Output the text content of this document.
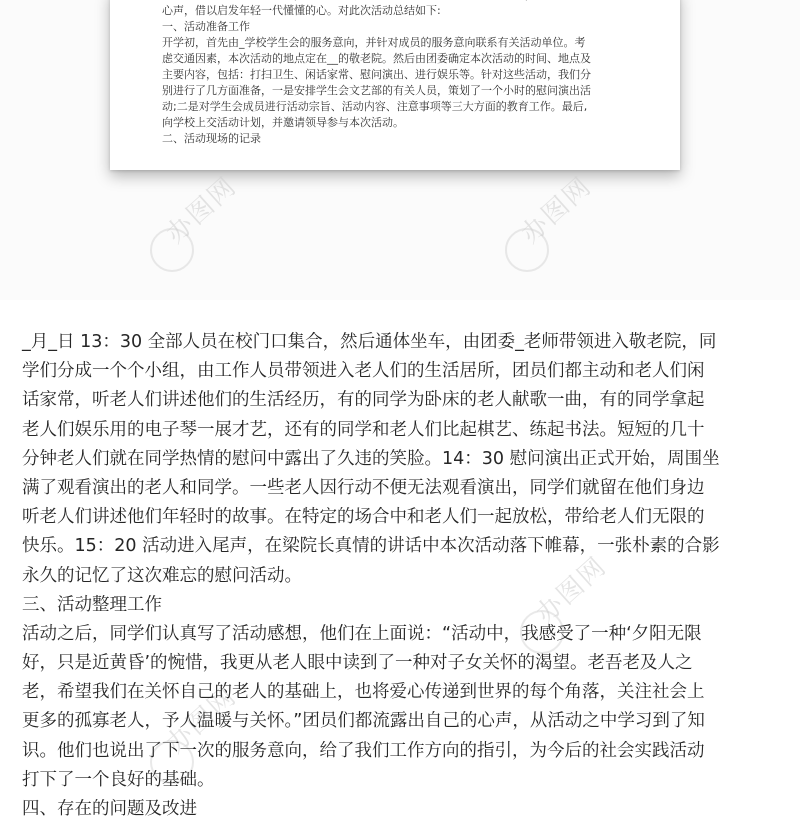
心声，借以启发年轻一代懂懂的心。对此次活动总结如下:
一、活动准备工作
开学初，首先由_学校学生会的服务意向，并针对成员的服务意向联系有关活动单位。考
虑交通因素，本次活动的地点定在__的敬老院。然后由团委确定本次活动的时间、地点及
主要内容，包括：打扫卫生、闲话家常、慰问演出、进行娱乐等。针对这些活动，我们分
别进行了几方面准备，一是安排学生会文艺部的有关人员，策划了一个小时的慰问演出活
动;二是对学生会成员进行活动宗旨、活动内容、注意事项等三大方面的教育工作。最后,
向学校上交活动计划，并邀请领导参与本次活动。
二、活动现场的记录
办图网	办图网
办图网
办图网
_月_日 13：30 全部人员在校门口集合，然后通体坐车，由团委_老师带领进入敬老院，同
学们分成一个个小组，由工作人员带领进入老人们的生活居所，团员们都主动和老人们闲
话家常，听老人们讲述他们的生活经历，有的同学为卧床的老人献歌一曲，有的同学拿起
老人们娱乐用的电子琴一展才艺，还有的同学和老人们比起棋艺、练起书法。短短的几十
分钟老人们就在同学热情的慰问中露出了久违的笑脸。14：30 慰问演出正式开始，周围坐
满了观看演出的老人和同学。一些老人因行动不便无法观看演出，同学们就留在他们身边
听老人们讲述他们年轻时的故事。在特定的场合中和老人们一起放松，带给老人们无限的
快乐。15：20 活动进入尾声，在梁院长真情的讲话中本次活动落下帷幕，一张朴素的合影
永久的记忆了这次难忘的慰问活动。
三、活动整理工作
活动之后，同学们认真写了活动感想，他们在上面说：“活动中，我感受了一种‘夕阳无限
好，只是近黄昏’的惋惜，我更从老人眼中读到了一种对子女关怀的渴望。老吾老及人之
老，希望我们在关怀自己的老人的基础上，也将爱心传递到世界的每个角落，关注社会上
更多的孤寡老人，予人温暖与关怀。”团员们都流露出自己的心声，从活动之中学习到了知
识。他们也说出了下一次的服务意向，给了我们工作方向的指引，为今后的社会实践活动
打下了一个良好的基础。
四、存在的问题及改进
